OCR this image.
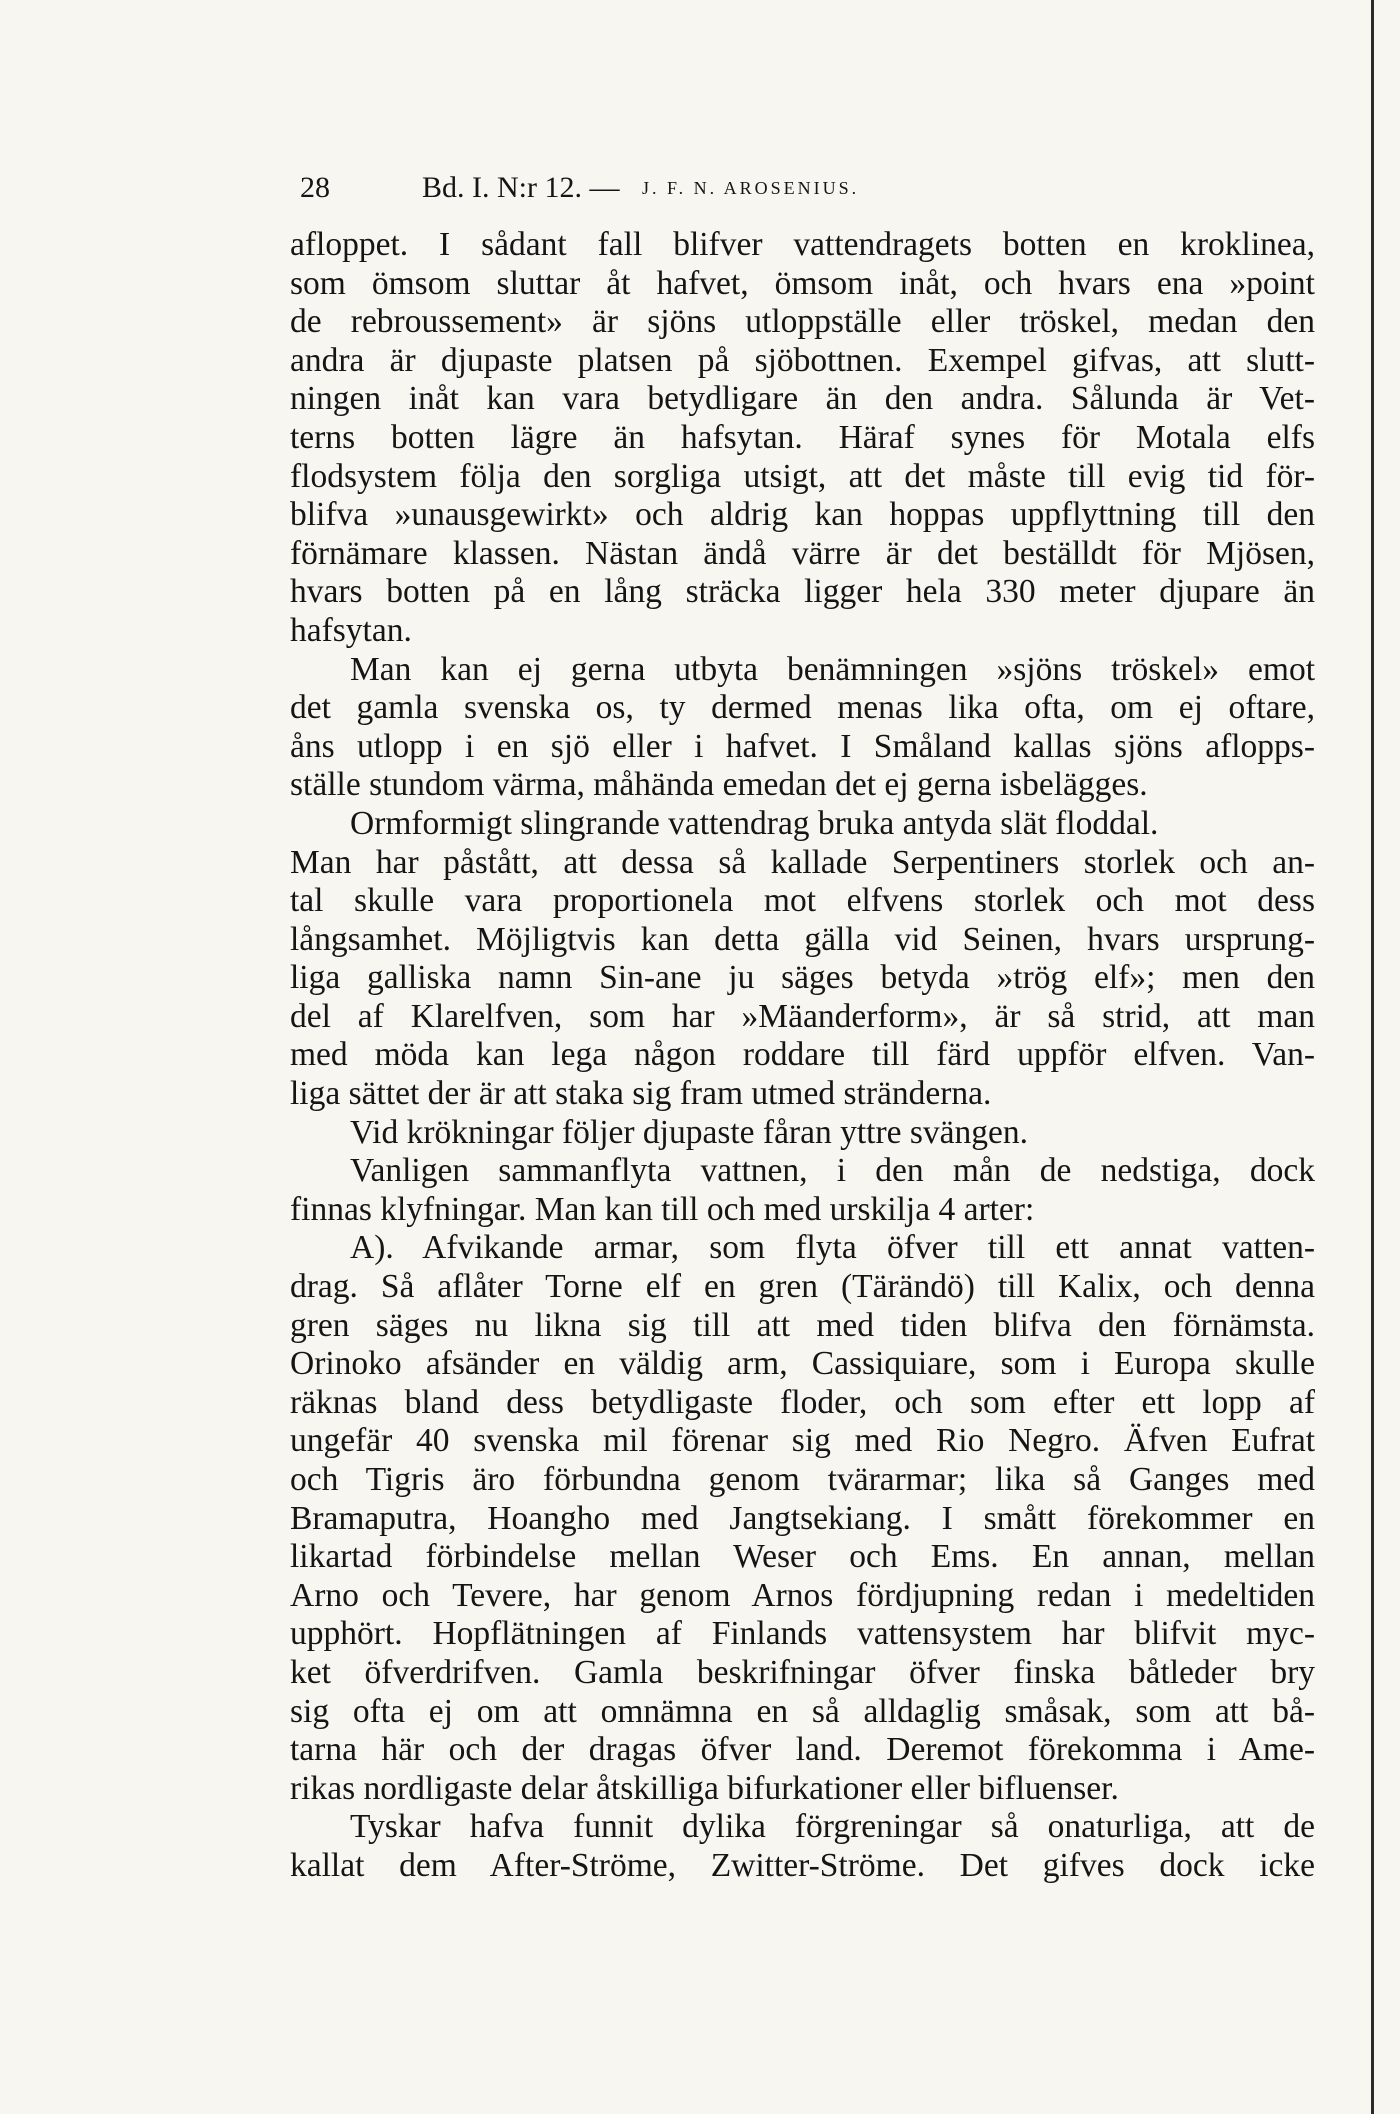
28	Bd. I. N:r 12. — J. F. N. AROSENIUS.
afloppet. I sådant fall blifver vattendragets botten en kroklinea,
som ömsom sluttar åt hafvet, ömsom inåt, och hvars ena »point
de rebroussement» är sjöns utloppställe eller tröskel, medan den
andra är djupaste platsen på sjöbottnen. Exempel gifvas, att slutt-
ningen inåt kan vara betydligare än den andra. Sålunda är Vet-
terns botten lägre än hafsytan. Häraf synes för Motala elfs
flodsystem följa den sorgliga utsigt, att det måste till evig tid för-
blifva »unausgewirkt» och aldrig kan hoppas uppflyttning till den
förnämare klassen. Nästan ändå värre är det beställdt för Mjösen,
hvars botten på en lång sträcka ligger hela 330 meter djupare än
hafsytan.
Man kan ej gerna utbyta benämningen »sjöns tröskel» emot
det gamla svenska os, ty dermed menas lika ofta, om ej oftare,
åns utlopp i en sjö eller i hafvet. I Småland kallas sjöns aflopps-
ställe stundom värma, måhända emedan det ej gerna isbelägges.
Ormformigt slingrande vattendrag bruka antyda slät floddal.
Man har påstått, att dessa så kallade Serpentiners storlek och an-
tal skulle vara proportionela mot elfvens storlek och mot dess
långsamhet. Möjligtvis kan detta gälla vid Seinen, hvars ursprung-
liga galliska namn Sin-ane ju säges betyda »trög elf»; men den
del af Klarelfven, som har »Mäanderform», är så strid, att man
med möda kan lega någon roddare till färd uppför elfven. Van-
liga sättet der är att staka sig fram utmed stränderna.
Vid krökningar följer djupaste fåran yttre svängen.
Vanligen sammanflyta vattnen, i den mån de nedstiga, dock
finnas klyfningar. Man kan till och med urskilja 4 arter:
A). Afvikande armar, som flyta öfver till ett annat vatten-
drag. Så aflåter Torne elf en gren (Tärändö) till Kalix, och denna
gren säges nu likna sig till att med tiden blifva den förnämsta.
Orinoko afsänder en väldig arm, Cassiquiare, som i Europa skulle
räknas bland dess betydligaste floder, och som efter ett lopp af
ungefär 40 svenska mil förenar sig med Rio Negro. Äfven Eufrat
och Tigris äro förbundna genom tvärarmar; lika så Ganges med
Bramaputra, Hoangho med Jangtsekiang. I smått förekommer en
likartad förbindelse mellan Weser och Ems. En annan, mellan
Arno och Tevere, har genom Arnos fördjupning redan i medeltiden
upphört. Hopflätningen af Finlands vattensystem har blifvit myc-
ket öfverdrifven. Gamla beskrifningar öfver finska båtleder bry
sig ofta ej om att omnämna en så alldaglig småsak, som att bå-
tarna här och der dragas öfver land. Deremot förekomma i Ame-
rikas nordligaste delar åtskilliga bifurkationer eller bifluenser.
Tyskar hafva funnit dylika förgreningar så onaturliga, att de
kallat dem After-Ströme, Zwitter-Ströme. Det gifves dock icke
